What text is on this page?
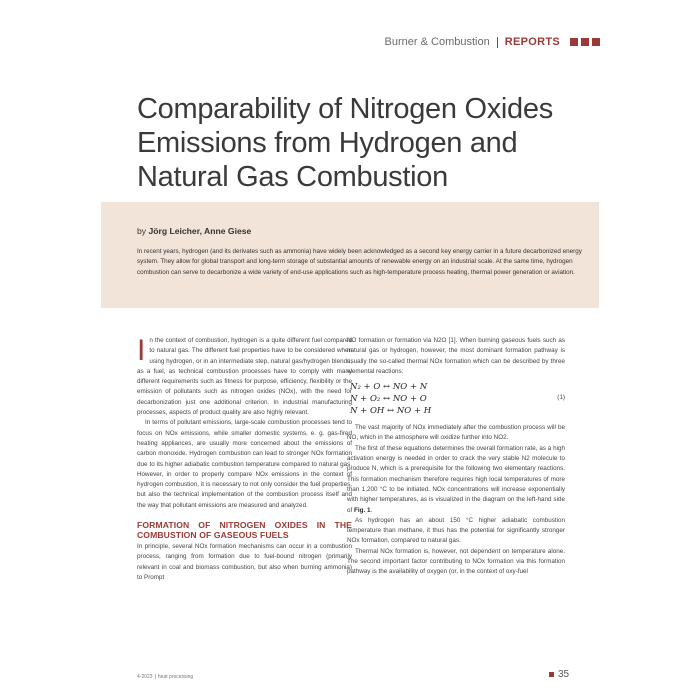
Burner & Combustion REPORTS
Comparability of Nitrogen Oxides Emissions from Hydrogen and Natural Gas Combustion
by Jörg Leicher, Anne Giese

In recent years, hydrogen (and its derivates such as ammonia) have widely been acknowledged as a second key energy carrier in a future decarbonized energy system. They allow for global transport and long-term storage of substantial amounts of renewable energy on an industrial scale. At the same time, hydrogen combustion can serve to decarbonize a wide variety of end-use applications such as high-temperature process heating, thermal power generation or aviation.

In the context of combustion, hydrogen is a quite different fuel compared to natural gas. The different fuel properties have to be considered when using hydrogen, or in an intermediate step, natural gas/hydrogen blends, as a fuel, as technical combustion processes have to comply with many different requirements such as fitness for purpose, efficiency, flexibility or the emission of pollutants such as nitrogen oxides (NOx), with the need for decarbonization just one additional criterion. In industrial manufacturing processes, aspects of product quality are also highly relevant.

In terms of pollutant emissions, large-scale combustion processes tend to focus on NOx emissions, while smaller domestic systems, e. g. gas-fired heating appliances, are usually more concerned about the emissions of carbon monoxide. Hydrogen combustion can lead to stronger NOx formation due to its higher adiabatic combustion temperature compared to natural gas. However, in order to properly compare NOx emissions in the context of hydrogen combustion, it is necessary to not only consider the fuel properties, but also the technical implementation of the combustion process itself and the way that pollutant emissions are measured and analyzed.

FORMATION OF NITROGEN OXIDES IN THE COMBUSTION OF GASEOUS FUELS

In principle, several NOx formation mechanisms can occur in a combustion process, ranging from formation due to fuel-bound nitrogen (primarily relevant in coal and biomass combustion, but also when burning ammonia) to Prompt

NO formation or formation via N2O [1]. When burning gaseous fuels such as natural gas or hydrogen, however, the most dominant formation pathway is usually the so-called thermal NOx formation which can be described by three elemental reactions:

N₂ + O ↔ NO + N
N + O₂ ↔ NO + O
N + OH ↔ NO + H
(1)

The vast majority of NOx immediately after the combustion process will be NO, which in the atmosphere will oxidize further into NO2.

The first of these equations determines the overall formation rate, as a high activation energy is needed in order to crack the very stable N2 molecule to produce N, which is a prerequisite for the following two elementary reactions. This formation mechanism therefore requires high local temperatures of more than 1,200 °C to be initiated. NOx concentrations will increase exponentially with higher temperatures, as is visualized in the diagram on the left-hand side of Fig. 1.

As hydrogen has an about 150 °C higher adiabatic combustion temperature than methane, it thus has the potential for significantly stronger NOx formation, compared to natural gas.

Thermal NOx formation is, however, not dependent on temperature alone. The second important factor contributing to NOx formation via this formation pathway is the availability of oxygen (or, in the context of oxy-fuel

4-2023 | heat processing	35
